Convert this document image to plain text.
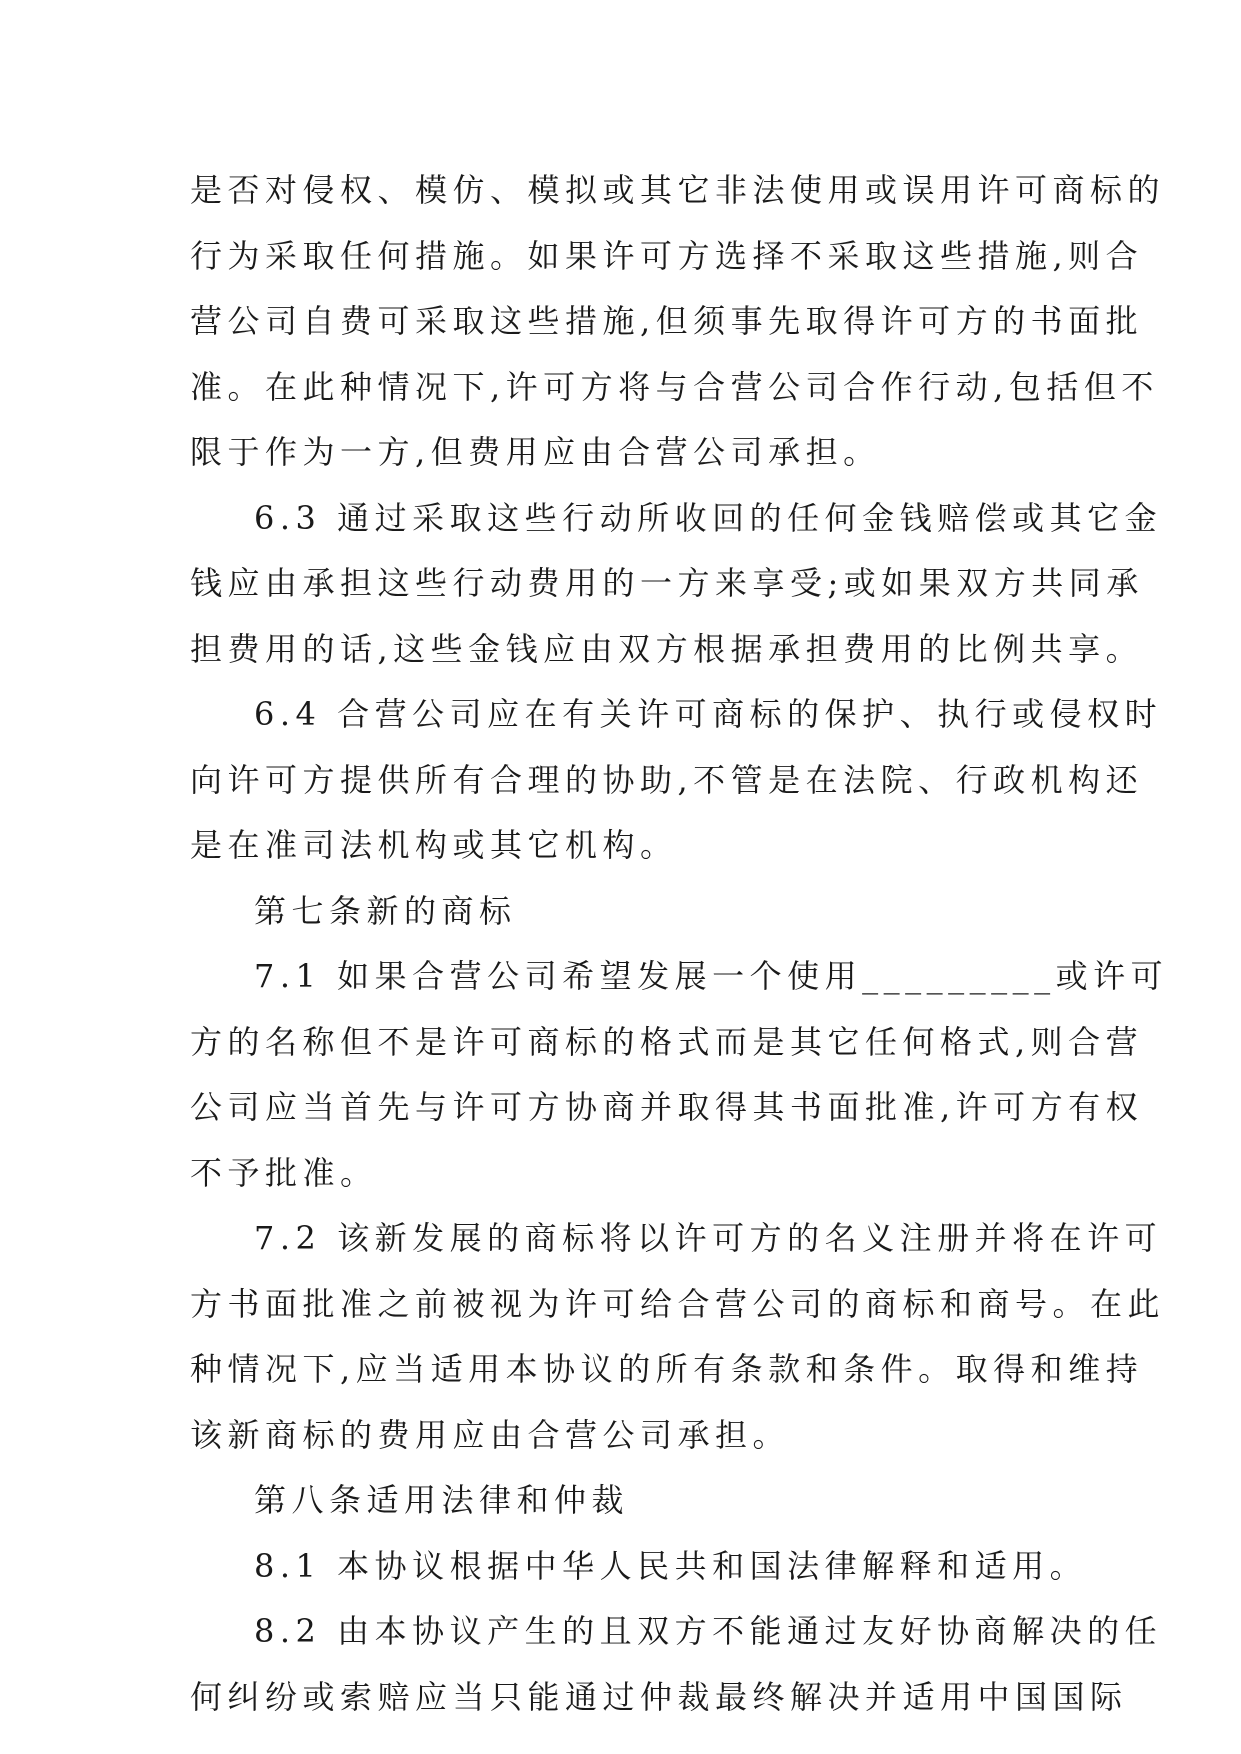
是否对侵权、模仿、模拟或其它非法使用或误用许可商标的
行为采取任何措施。如果许可方选择不采取这些措施,则合
营公司自费可采取这些措施,但须事先取得许可方的书面批
准。在此种情况下,许可方将与合营公司合作行动,包括但不
限于作为一方,但费用应由合营公司承担。
6.3 通过采取这些行动所收回的任何金钱赔偿或其它金
钱应由承担这些行动费用的一方来享受;或如果双方共同承
担费用的话,这些金钱应由双方根据承担费用的比例共享。
6.4 合营公司应在有关许可商标的保护、执行或侵权时
向许可方提供所有合理的协助,不管是在法院、行政机构还
是在准司法机构或其它机构。
第七条新的商标
7.1 如果合营公司希望发展一个使用_________或许可
方的名称但不是许可商标的格式而是其它任何格式,则合营
公司应当首先与许可方协商并取得其书面批准,许可方有权
不予批准。
7.2 该新发展的商标将以许可方的名义注册并将在许可
方书面批准之前被视为许可给合营公司的商标和商号。在此
种情况下,应当适用本协议的所有条款和条件。取得和维持
该新商标的费用应由合营公司承担。
第八条适用法律和仲裁
8.1 本协议根据中华人民共和国法律解释和适用。
8.2 由本协议产生的且双方不能通过友好协商解决的任
何纠纷或索赔应当只能通过仲裁最终解决并适用中国国际
